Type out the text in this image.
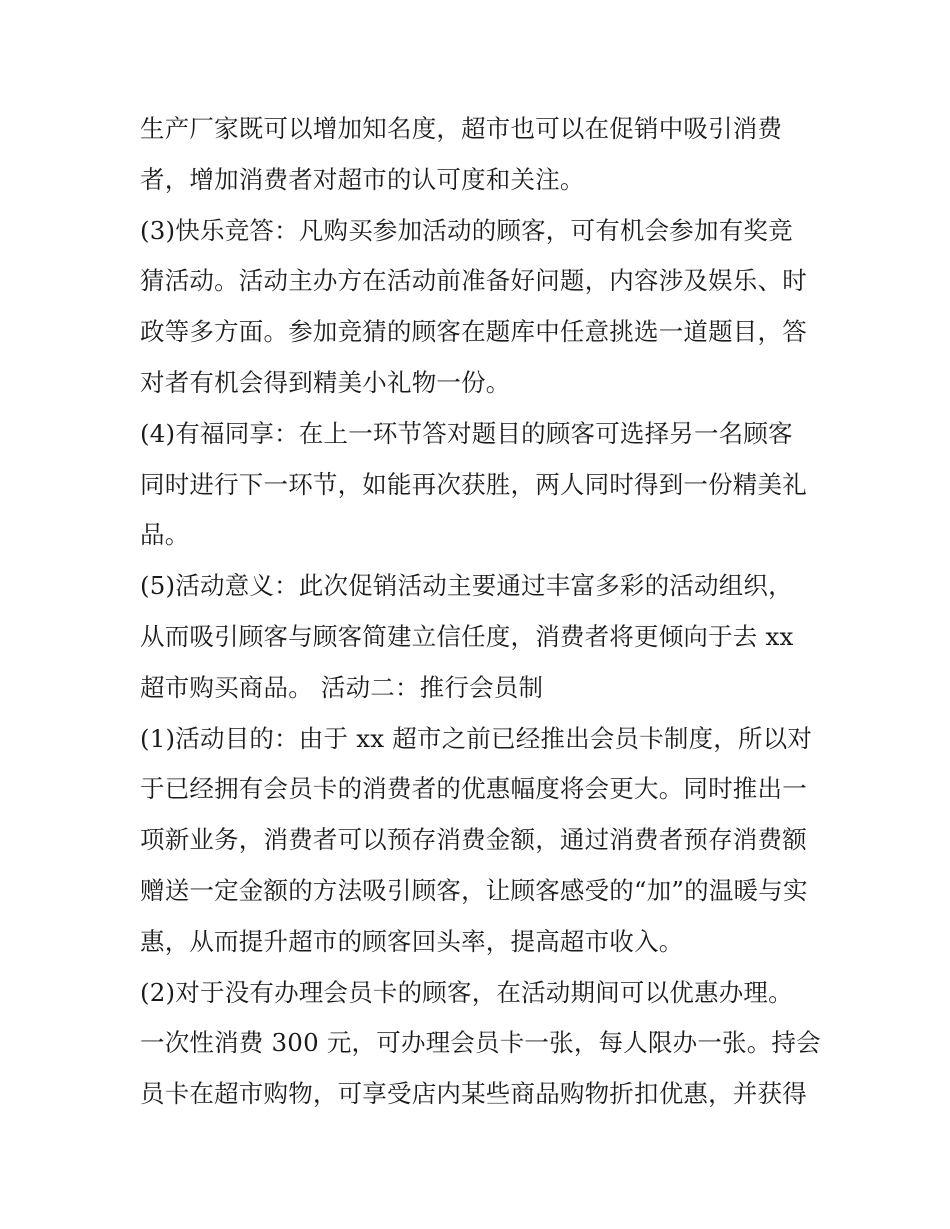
生产厂家既可以增加知名度，超市也可以在促销中吸引消费
者，增加消费者对超市的认可度和关注。
(3)快乐竞答：凡购买参加活动的顾客，可有机会参加有奖竞
猜活动。活动主办方在活动前准备好问题，内容涉及娱乐、时
政等多方面。参加竞猜的顾客在题库中任意挑选一道题目，答
对者有机会得到精美小礼物一份。
(4)有福同享：在上一环节答对题目的顾客可选择另一名顾客
同时进行下一环节，如能再次获胜，两人同时得到一份精美礼
品。
(5)活动意义：此次促销活动主要通过丰富多彩的活动组织，
从而吸引顾客与顾客简建立信任度，消费者将更倾向于去 xx
超市购买商品。 活动二：推行会员制
(1)活动目的：由于 xx 超市之前已经推出会员卡制度，所以对
于已经拥有会员卡的消费者的优惠幅度将会更大。同时推出一
项新业务，消费者可以预存消费金额，通过消费者预存消费额
赠送一定金额的方法吸引顾客，让顾客感受的“加”的温暖与实
惠，从而提升超市的顾客回头率，提高超市收入。
(2)对于没有办理会员卡的顾客，在活动期间可以优惠办理。
一次性消费 300 元，可办理会员卡一张，每人限办一张。持会
员卡在超市购物，可享受店内某些商品购物折扣优惠，并获得
